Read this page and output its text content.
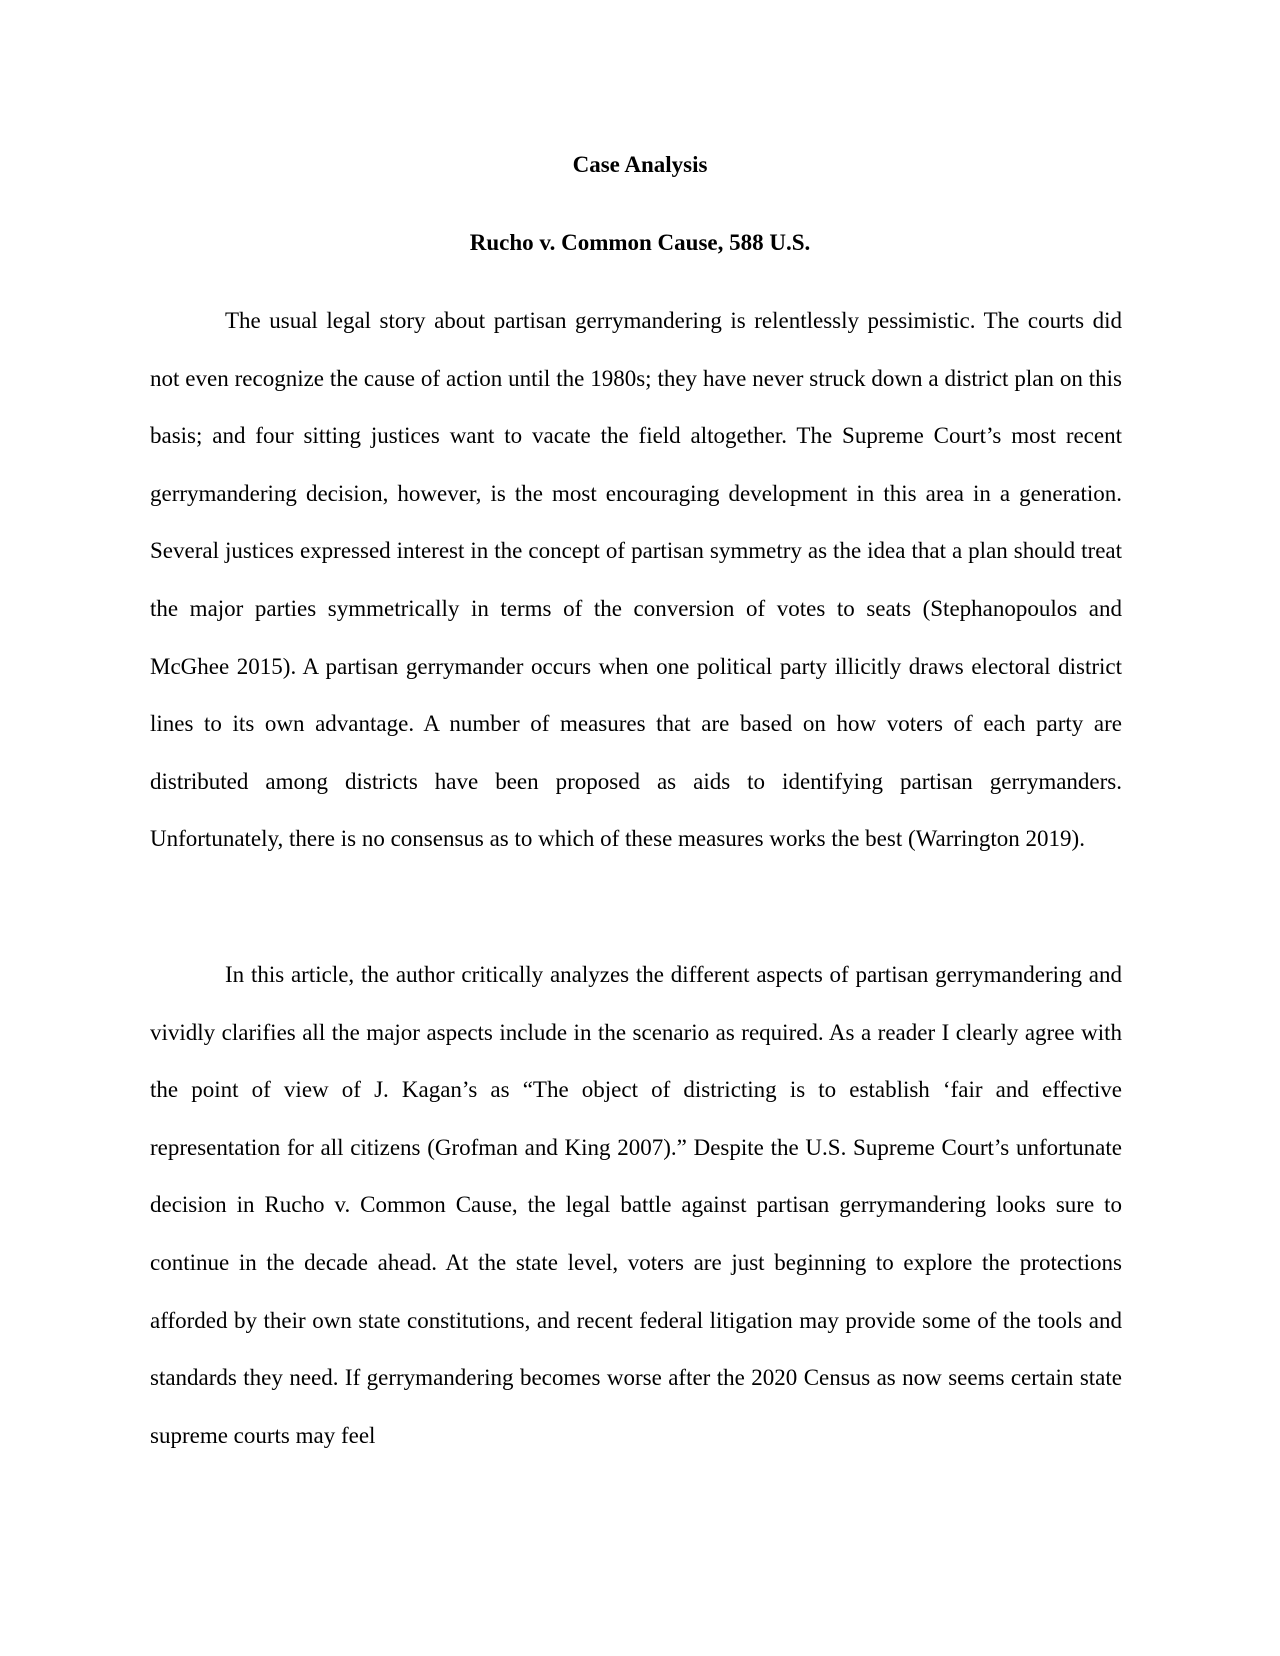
Case Analysis
Rucho v. Common Cause, 588 U.S.

The usual legal story about partisan gerrymandering is relentlessly pessimistic. The courts did not even recognize the cause of action until the 1980s; they have never struck down a district plan on this basis; and four sitting justices want to vacate the field altogether. The Supreme Court’s most recent gerrymandering decision, however, is the most encouraging development in this area in a generation. Several justices expressed interest in the concept of partisan symmetry as the idea that a plan should treat the major parties symmetrically in terms of the conversion of votes to seats (Stephanopoulos and McGhee 2015). A partisan gerrymander occurs when one political party illicitly draws electoral district lines to its own advantage. A number of measures that are based on how voters of each party are distributed among districts have been proposed as aids to identifying partisan gerrymanders. Unfortunately, there is no consensus as to which of these measures works the best (Warrington 2019).

In this article, the author critically analyzes the different aspects of partisan gerrymandering and vividly clarifies all the major aspects include in the scenario as required. As a reader I clearly agree with the point of view of J. Kagan’s as “The object of districting is to establish ‘fair and effective representation for all citizens (Grofman and King 2007).” Despite the U.S. Supreme Court’s unfortunate decision in Rucho v. Common Cause, the legal battle against partisan gerrymandering looks sure to continue in the decade ahead. At the state level, voters are just beginning to explore the protections afforded by their own state constitutions, and recent federal litigation may provide some of the tools and standards they need. If gerrymandering becomes worse after the 2020 Census as now seems certain state supreme courts may feel
